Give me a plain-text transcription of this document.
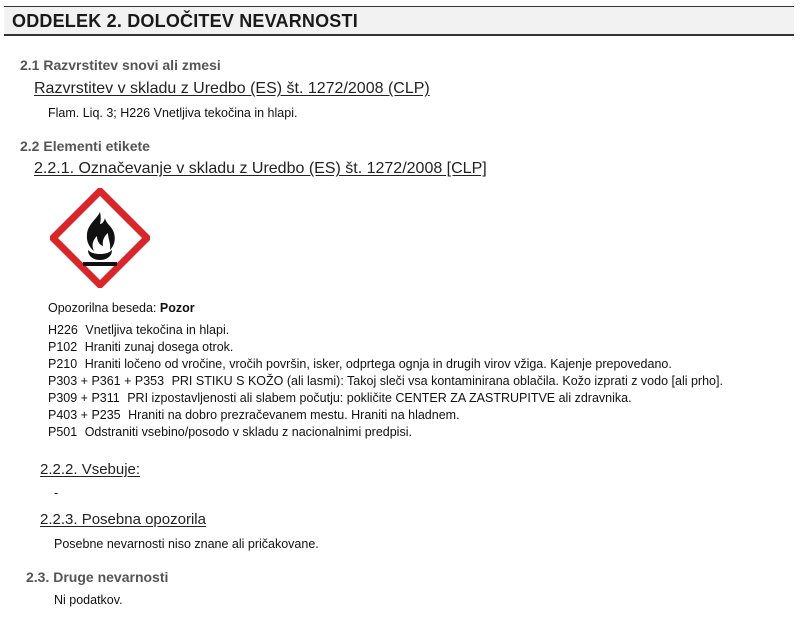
ODDELEK 2. DOLOČITEV NEVARNOSTI
2.1 Razvrstitev snovi ali zmesi
Razvrstitev v skladu z Uredbo (ES) št. 1272/2008 (CLP)
Flam. Liq. 3; H226 Vnetljiva tekočina in hlapi.
2.2 Elementi etikete
2.2.1. Označevanje v skladu z Uredbo (ES) št. 1272/2008 [CLP]
Opozorilna beseda: Pozor
H226 Vnetljiva tekočina in hlapi.
P102 Hraniti zunaj dosega otrok.
P210 Hraniti ločeno od vročine, vročih površin, isker, odprtega ognja in drugih virov vžiga. Kajenje prepovedano.
P303 + P361 + P353 PRI STIKU S KOŽO (ali lasmi): Takoj sleči vsa kontaminirana oblačila. Kožo izprati z vodo [ali prho].
P309 + P311 PRI izpostavljenosti ali slabem počutju: pokličite CENTER ZA ZASTRUPITVE ali zdravnika.
P403 + P235 Hraniti na dobro prezračevanem mestu. Hraniti na hladnem.
P501 Odstraniti vsebino/posodo v skladu z nacionalnimi predpisi.
2.2.2. Vsebuje:
-
2.2.3. Posebna opozorila
Posebne nevarnosti niso znane ali pričakovane.
2.3. Druge nevarnosti
Ni podatkov.
